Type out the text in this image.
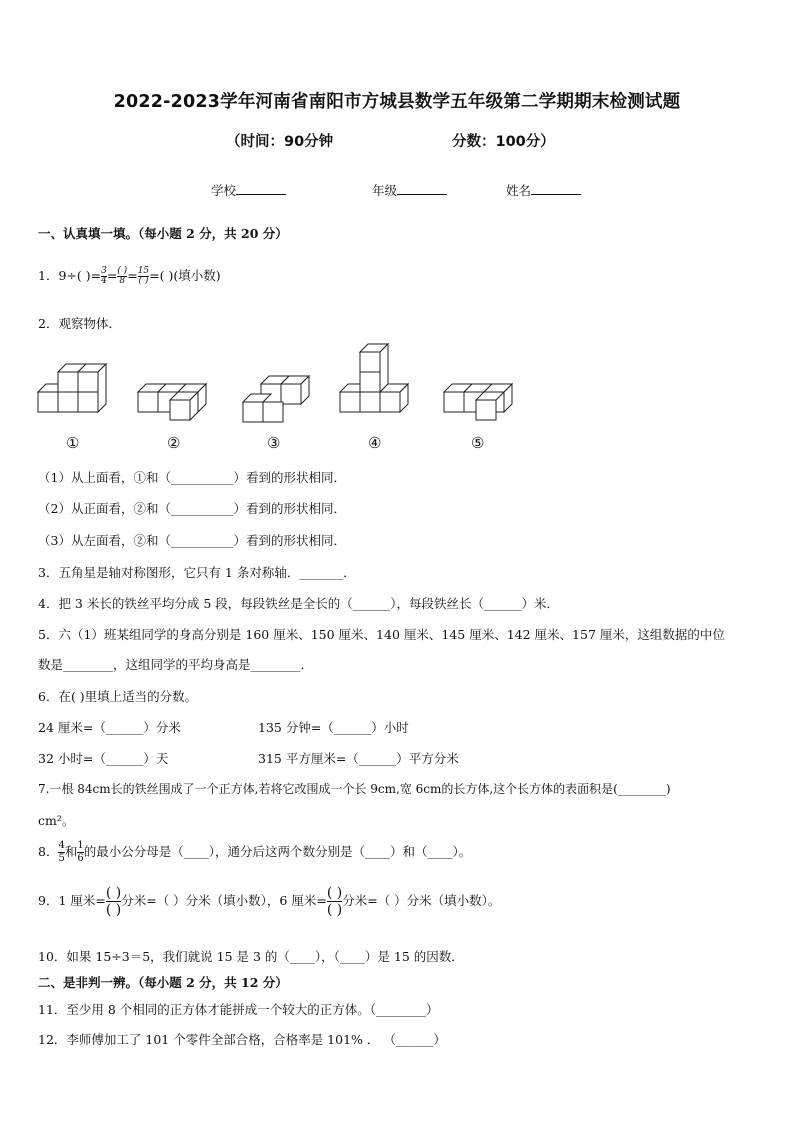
2022-2023学年河南省南阳市方城县数学五年级第二学期期末检测试题
（时间：90分钟	分数：100分）
学校	年级	姓名
一、认真填一填。（每小题 2 分，共 20 分）
1．9÷( )$=\frac{3}{4}=\frac{( )}{8}=\frac{15}{( )}=$( )(填小数)
2．观察物体．
①	②	③	④	⑤
（1）从上面看，①和（__________）看到的形状相同．
（2）从正面看，②和（__________）看到的形状相同．
（3）从左面看，②和（__________）看到的形状相同．
3．五角星是轴对称图形，它只有 1 条对称轴．_______．
4．把 3 米长的铁丝平均分成 5 段，每段铁丝是全长的（______），每段铁丝长（______）米．
5．六（1）班某组同学的身高分别是 160 厘米、150 厘米、140 厘米、145 厘米、142 厘米、157 厘米，这组数据的中位
数是________，这组同学的平均身高是________．
6．在( )里填上适当的分数。
24 厘米=（______）分米	135 分钟=（______）小时
32 小时=（______）天	315 平方厘米=（______）平方分米
7.一根 84cm长的铁丝围成了一个正方体,若将它改围成一个长 9cm,宽 6cm的长方体,这个长方体的表面积是(________)
cm²。
8． $\frac{4}{5}$ 和 $\frac{1}{6}$ 的最小公分母是（____），通分后这两个数分别是（____）和（____）。
9．1 厘米= $\frac{( )}{( )}$ 分米=（ ）分米（填小数），6 厘米= $\frac{( )}{( )}$ 分米=（ ）分米（填小数）。
10．如果 15÷3＝5，我们就说 15 是 3 的（____），（____）是 15 的因数．
二、是非判一辨。（每小题 2 分，共 12 分）
11．至少用 8 个相同的正方体才能拼成一个较大的正方体。（________）
12．李师傅加工了 101 个零件全部合格，合格率是 101% ． （______）
